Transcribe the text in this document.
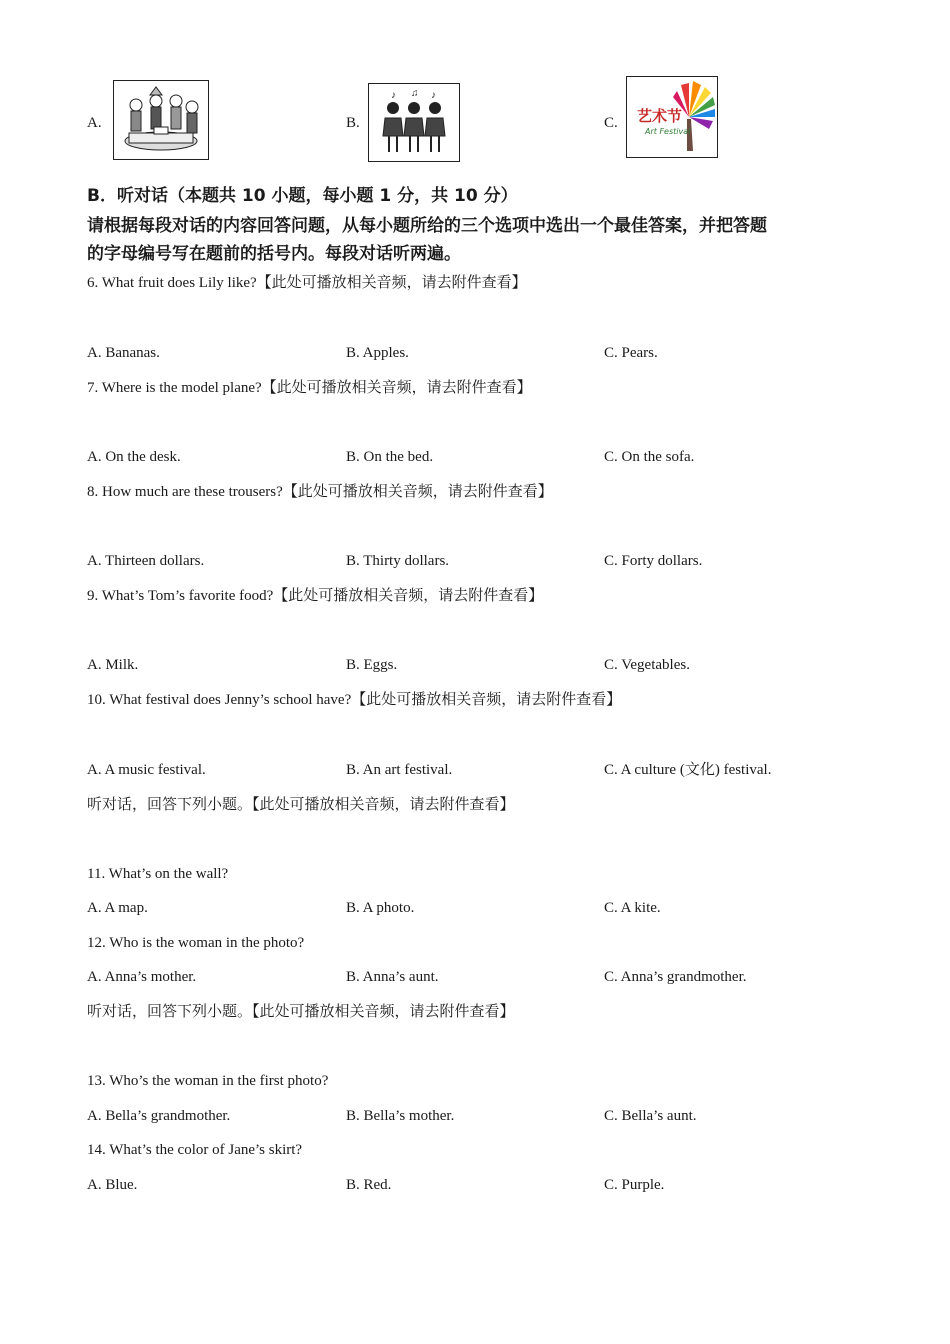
A.	B.
♪ ♫ ♪
C. 艺术节
Art Festival
B．听对话（本题共 10 小题，每小题 1 分，共 10 分）
请根据每段对话的内容回答问题，从每小题所给的三个选项中选出一个最佳答案，并把答题
的字母编号写在题前的括号内。每段对话听两遍。
6. What fruit does Lily like?【此处可播放相关音频，请去附件查看】
A. Bananas.	B. Apples.	C. Pears.
7. Where is the model plane?【此处可播放相关音频，请去附件查看】
A. On the desk.	B. On the bed.	C. On the sofa.
8. How much are these trousers?【此处可播放相关音频，请去附件查看】
A. Thirteen dollars.	B. Thirty dollars.	C. Forty dollars.
9. What’s Tom’s favorite food?【此处可播放相关音频，请去附件查看】
A. Milk.	B. Eggs.	C. Vegetables.
10. What festival does Jenny’s school have?【此处可播放相关音频，请去附件查看】
A. A music festival.	B. An art festival.	C. A culture (文化) festival.
听对话，回答下列小题。【此处可播放相关音频，请去附件查看】
11. What’s on the wall?
A. A map.	B. A photo.	C. A kite.
12. Who is the woman in the photo?
A. Anna’s mother.	B. Anna’s aunt.	C. Anna’s grandmother.
听对话，回答下列小题。【此处可播放相关音频，请去附件查看】
13. Who’s the woman in the first photo?
A. Bella’s grandmother.	B. Bella’s mother.	C. Bella’s aunt.
14. What’s the color of Jane’s skirt?
A. Blue.	B. Red.	C. Purple.
